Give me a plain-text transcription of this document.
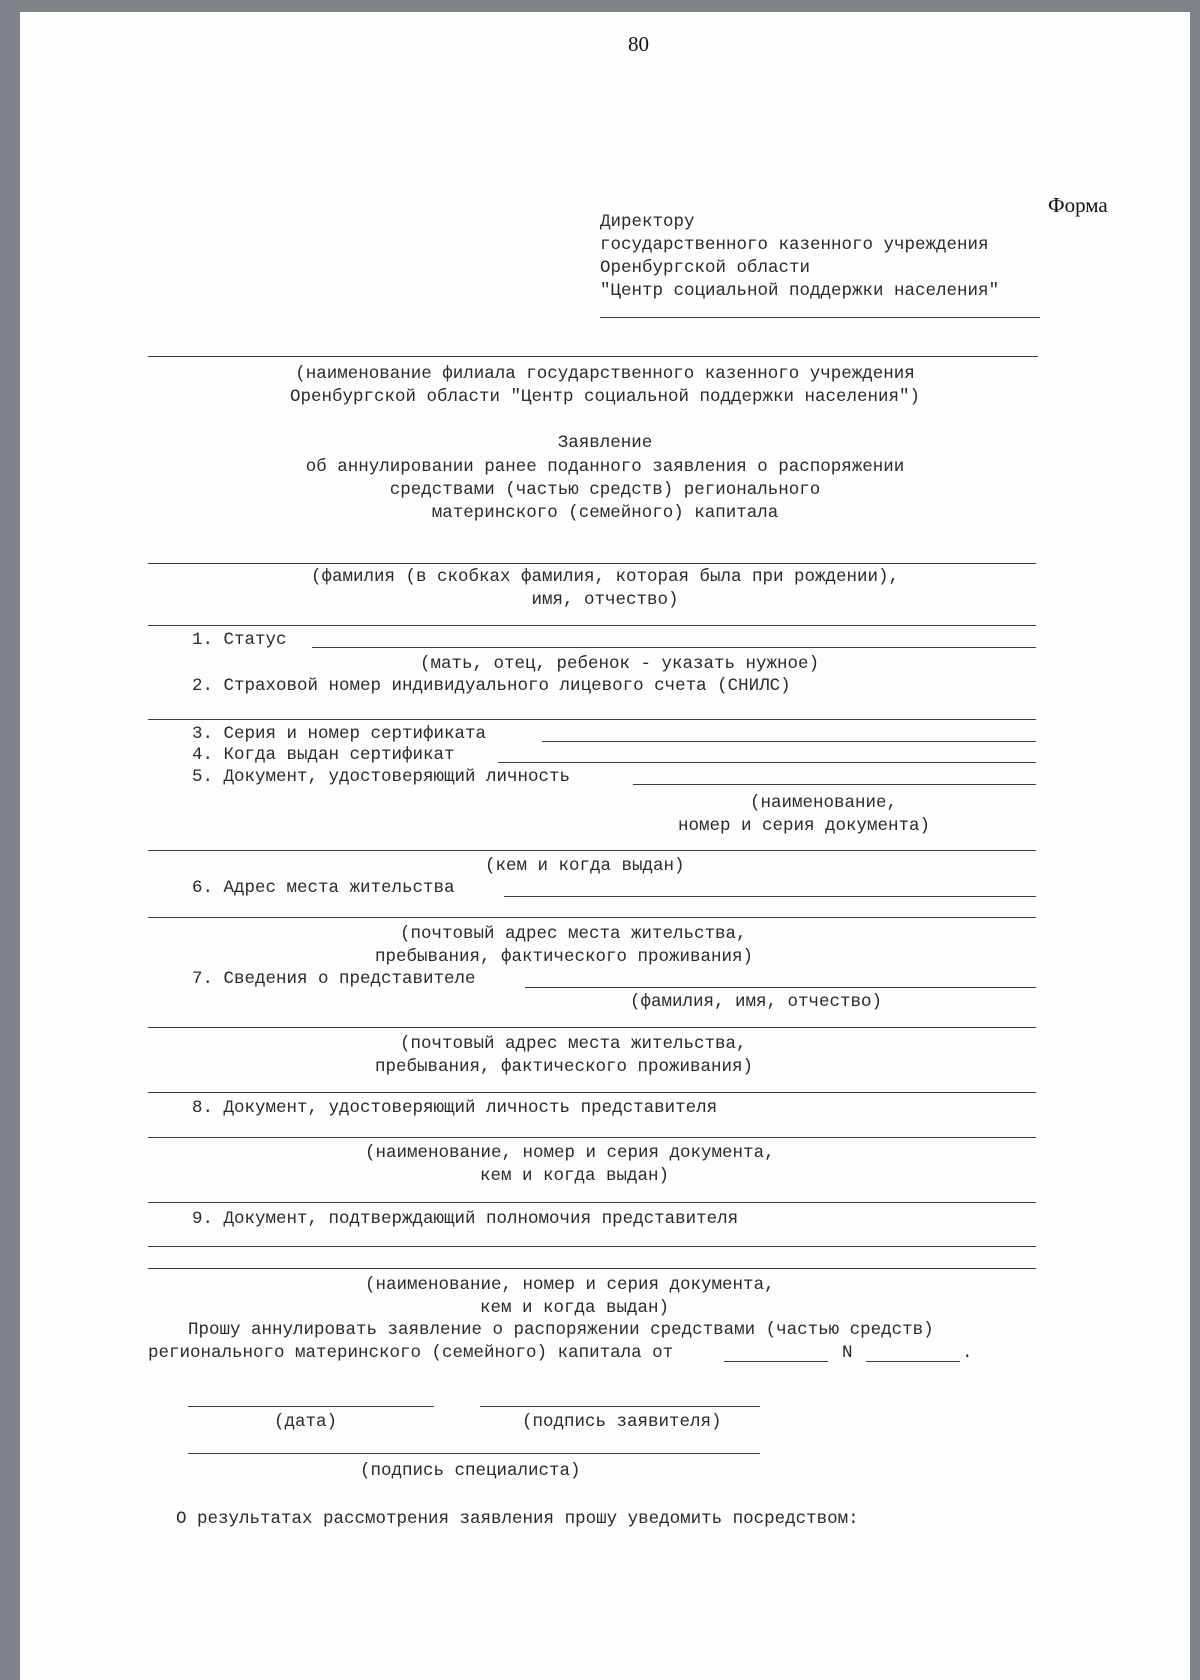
80
Форма
Директору
государственного казенного учреждения
Оренбургской области
"Центр социальной поддержки населения"
(наименование филиала государственного казенного учреждения
Оренбургской области "Центр социальной поддержки населения")
Заявление
об аннулировании ранее поданного заявления о распоряжении
средствами (частью средств) регионального
материнского (семейного) капитала
(фамилия (в скобках фамилия, которая была при рождении),
имя, отчество)
1. Статус
(мать, отец, ребенок - указать нужное)
2. Страховой номер индивидуального лицевого счета (СНИЛС)
3. Серия и номер сертификата
4. Когда выдан сертификат
5. Документ, удостоверяющий личность
(наименование,
номер и серия документа)
(кем и когда выдан)
6. Адрес места жительства
(почтовый адрес места жительства,
пребывания, фактического проживания)
7. Сведения о представителе
(фамилия, имя, отчество)
(почтовый адрес места жительства,
пребывания, фактического проживания)
8. Документ, удостоверяющий личность представителя
(наименование, номер и серия документа,
кем и когда выдан)
9. Документ, подтверждающий полномочия представителя
(наименование, номер и серия документа,
кем и когда выдан)
Прошу аннулировать заявление о распоряжении средствами (частью средств)
регионального материнского (семейного) капитала от	N	.
(дата)	(подпись заявителя)
(подпись специалиста)
О результатах рассмотрения заявления прошу уведомить посредством:
